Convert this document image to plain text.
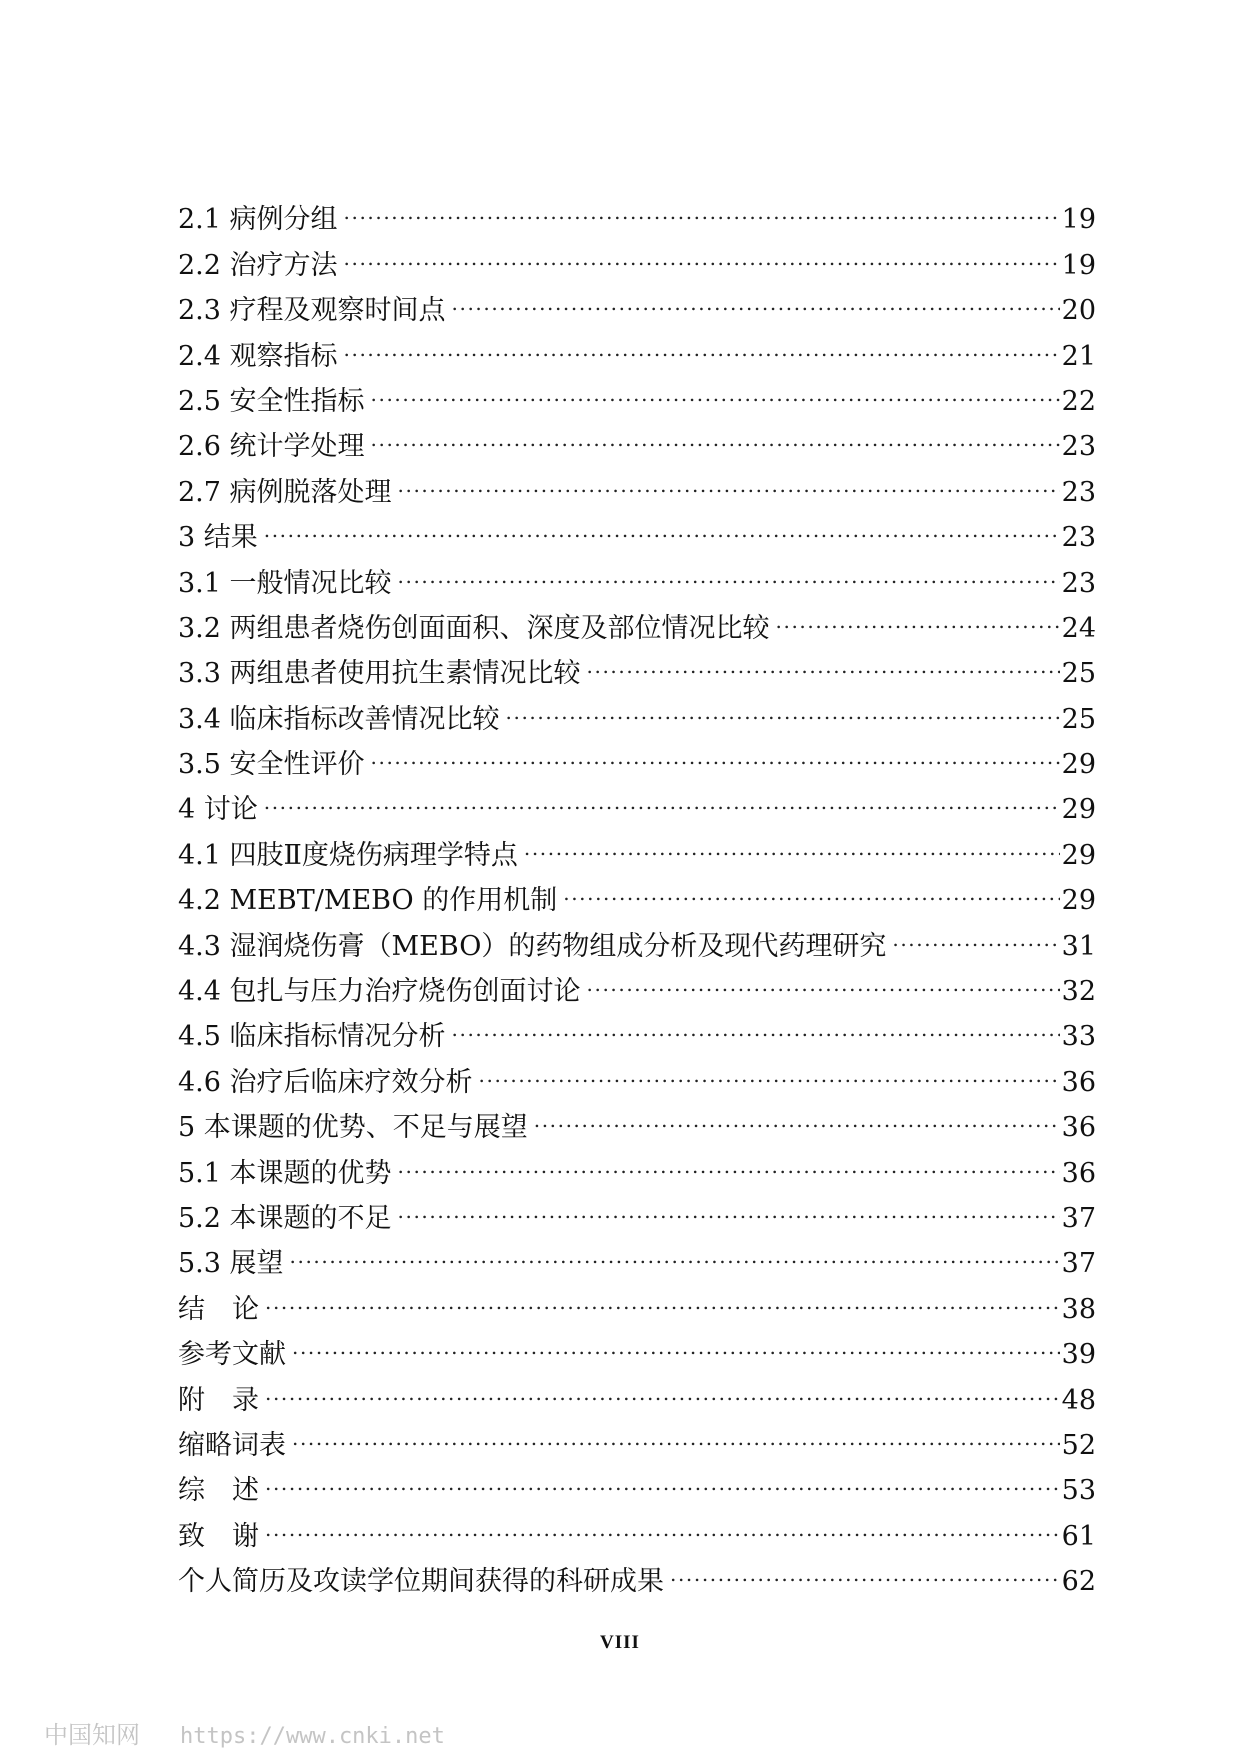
2.1 病例分组 .....	19
2.2 治疗方法 .....	19
2.3 疗程及观察时间点 .....	20
2.4 观察指标 .....	21
2.5 安全性指标 .....	22
2.6 统计学处理 .....	23
2.7 病例脱落处理 .....	23
3 结果 .....	23
3.1 一般情况比较 .....	23
3.2 两组患者烧伤创面面积、深度及部位情况比较 .....	24
3.3 两组患者使用抗生素情况比较 .....	25
3.4 临床指标改善情况比较 .....	25
3.5 安全性评价 .....	29
4 讨论 .....	29
4.1 四肢Ⅱ度烧伤病理学特点 .....	29
4.2 MEBT/MEBO 的作用机制 .....	29
4.3 湿润烧伤膏（MEBO）的药物组成分析及现代药理研究 .....	31
4.4 包扎与压力治疗烧伤创面讨论 .....	32
4.5 临床指标情况分析 .....	33
4.6 治疗后临床疗效分析 .....	36
5 本课题的优势、不足与展望 .....	36
5.1 本课题的优势 .....	36
5.2 本课题的不足 .....	37
5.3 展望 .....	37
结　论 .....	38
参考文献 .....	39
附　录 .....	48
缩略词表 .....	52
综　述 .....	53
致　谢 .....	61
个人简历及攻读学位期间获得的科研成果 .....	62
VIII
中国知网 https://www.cnki.net
